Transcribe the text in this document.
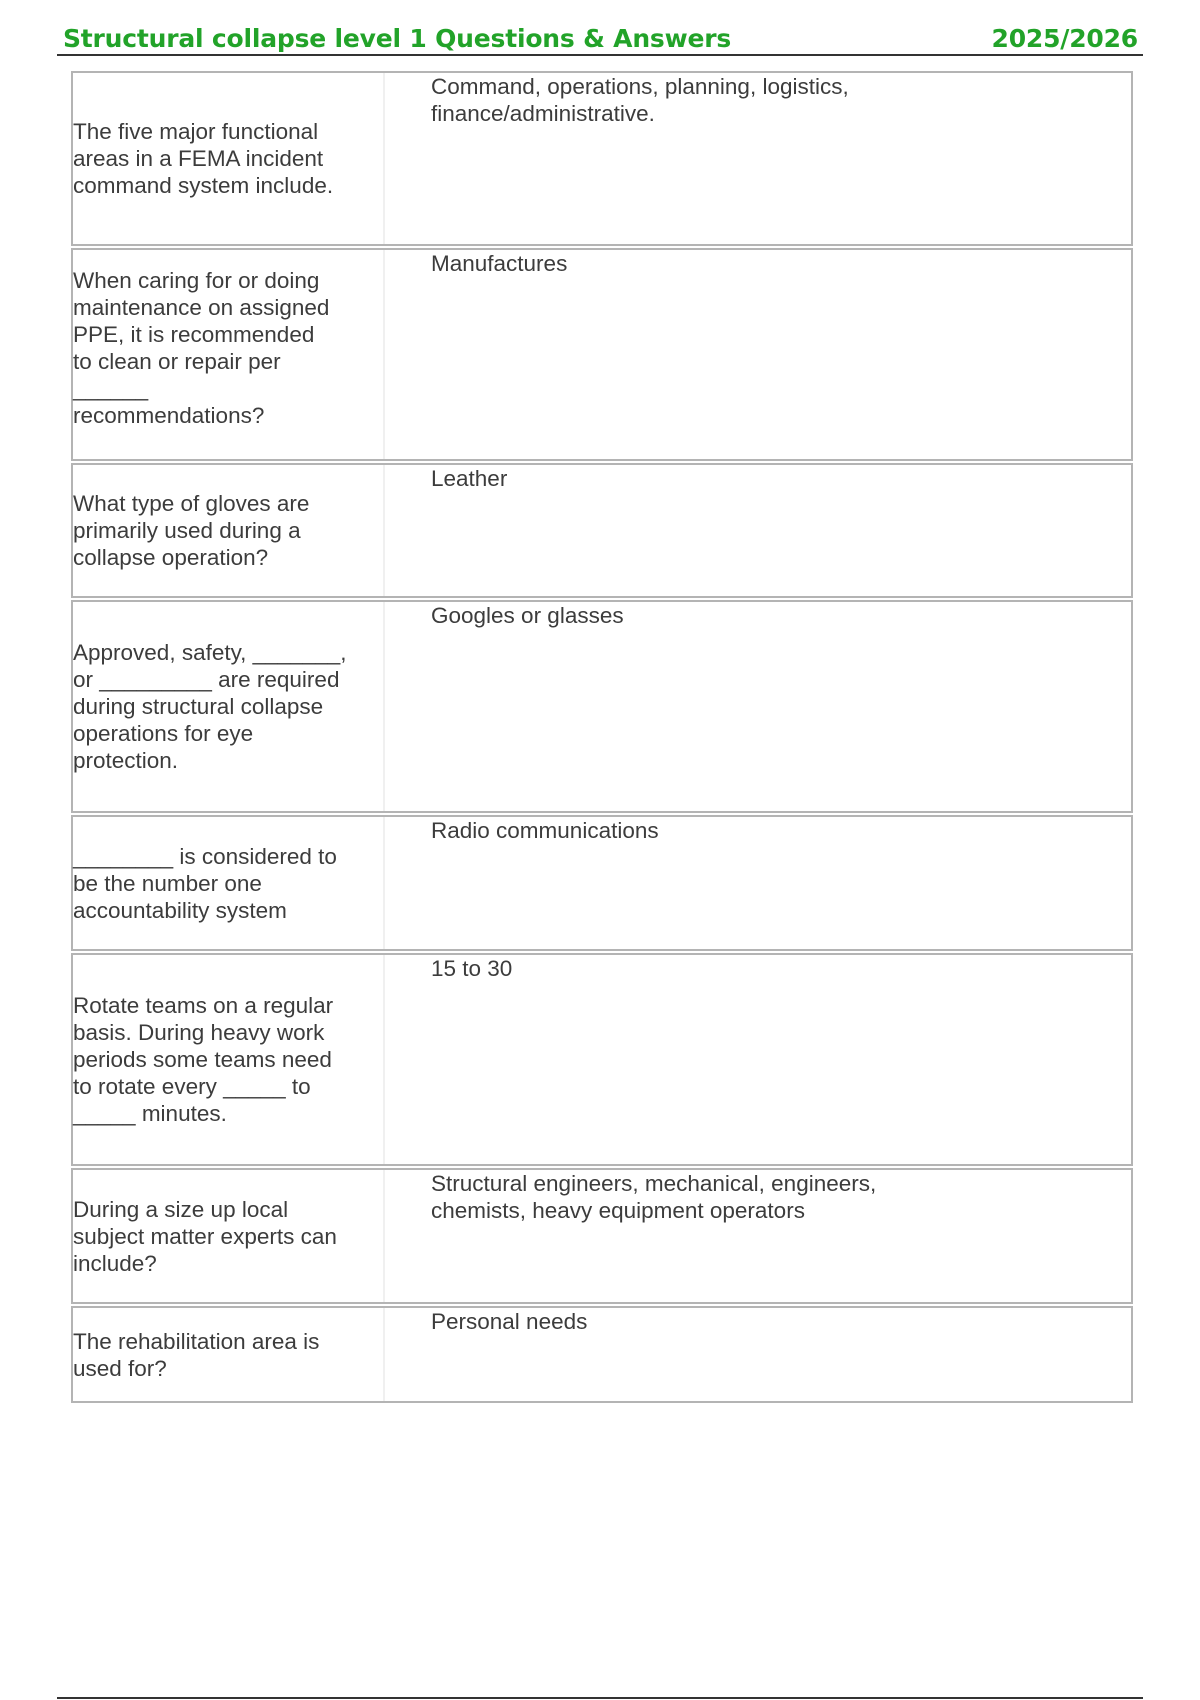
Structural collapse level 1 Questions & Answers	2025/2026
The five major functional
areas in a FEMA incident
command system include.
Command, operations, planning, logistics,
finance/administrative.
When caring for or doing
maintenance on assigned
PPE, it is recommended
to clean or repair per
______
recommendations?
Manufactures
What type of gloves are
primarily used during a
collapse operation?
Leather
Approved, safety, _______,
or _________ are required
during structural collapse
operations for eye
protection.
Googles or glasses
________ is considered to
be the number one
accountability system
Radio communications
Rotate teams on a regular
basis. During heavy work
periods some teams need
to rotate every _____ to
_____ minutes.
15 to 30
During a size up local
subject matter experts can
include?
Structural engineers, mechanical, engineers,
chemists, heavy equipment operators
The rehabilitation area is
used for?
Personal needs
